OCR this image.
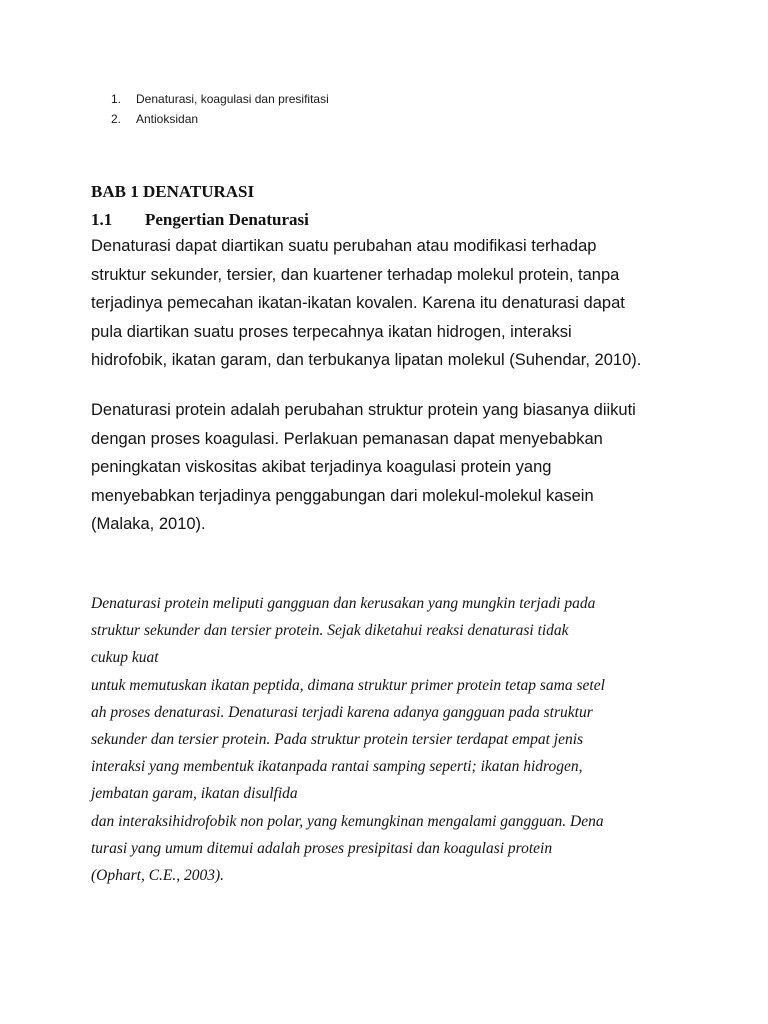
1.	Denaturasi, koagulasi dan presifitasi
2.	Antioksidan
BAB 1 DENATURASI
1.1	Pengertian Denaturasi

Denaturasi dapat diartikan suatu perubahan atau modifikasi terhadap
struktur sekunder, tersier, dan kuartener terhadap molekul protein, tanpa
terjadinya pemecahan ikatan-ikatan kovalen. Karena itu denaturasi dapat
pula diartikan suatu proses terpecahnya ikatan hidrogen, interaksi
hidrofobik, ikatan garam, dan terbukanya lipatan molekul (Suhendar, 2010).

Denaturasi protein adalah perubahan struktur protein yang biasanya diikuti
dengan proses koagulasi. Perlakuan pemanasan dapat menyebabkan
peningkatan viskositas akibat terjadinya koagulasi protein yang
menyebabkan terjadinya penggabungan dari molekul-molekul kasein
(Malaka, 2010).

Denaturasi protein meliputi gangguan dan kerusakan yang mungkin terjadi pada
struktur sekunder dan tersier protein. Sejak diketahui reaksi denaturasi tidak
cukup kuat
untuk memutuskan ikatan peptida, dimana struktur primer protein tetap sama setel
ah proses denaturasi. Denaturasi terjadi karena adanya gangguan pada struktur
sekunder dan tersier protein. Pada struktur protein tersier terdapat empat jenis
interaksi yang membentuk ikatanpada rantai samping seperti; ikatan hidrogen,
jembatan garam, ikatan disulfida
dan interaksihidrofobik non polar, yang kemungkinan mengalami gangguan. Dena
turasi yang umum ditemui adalah proses presipitasi dan koagulasi protein
(Ophart, C.E., 2003).
